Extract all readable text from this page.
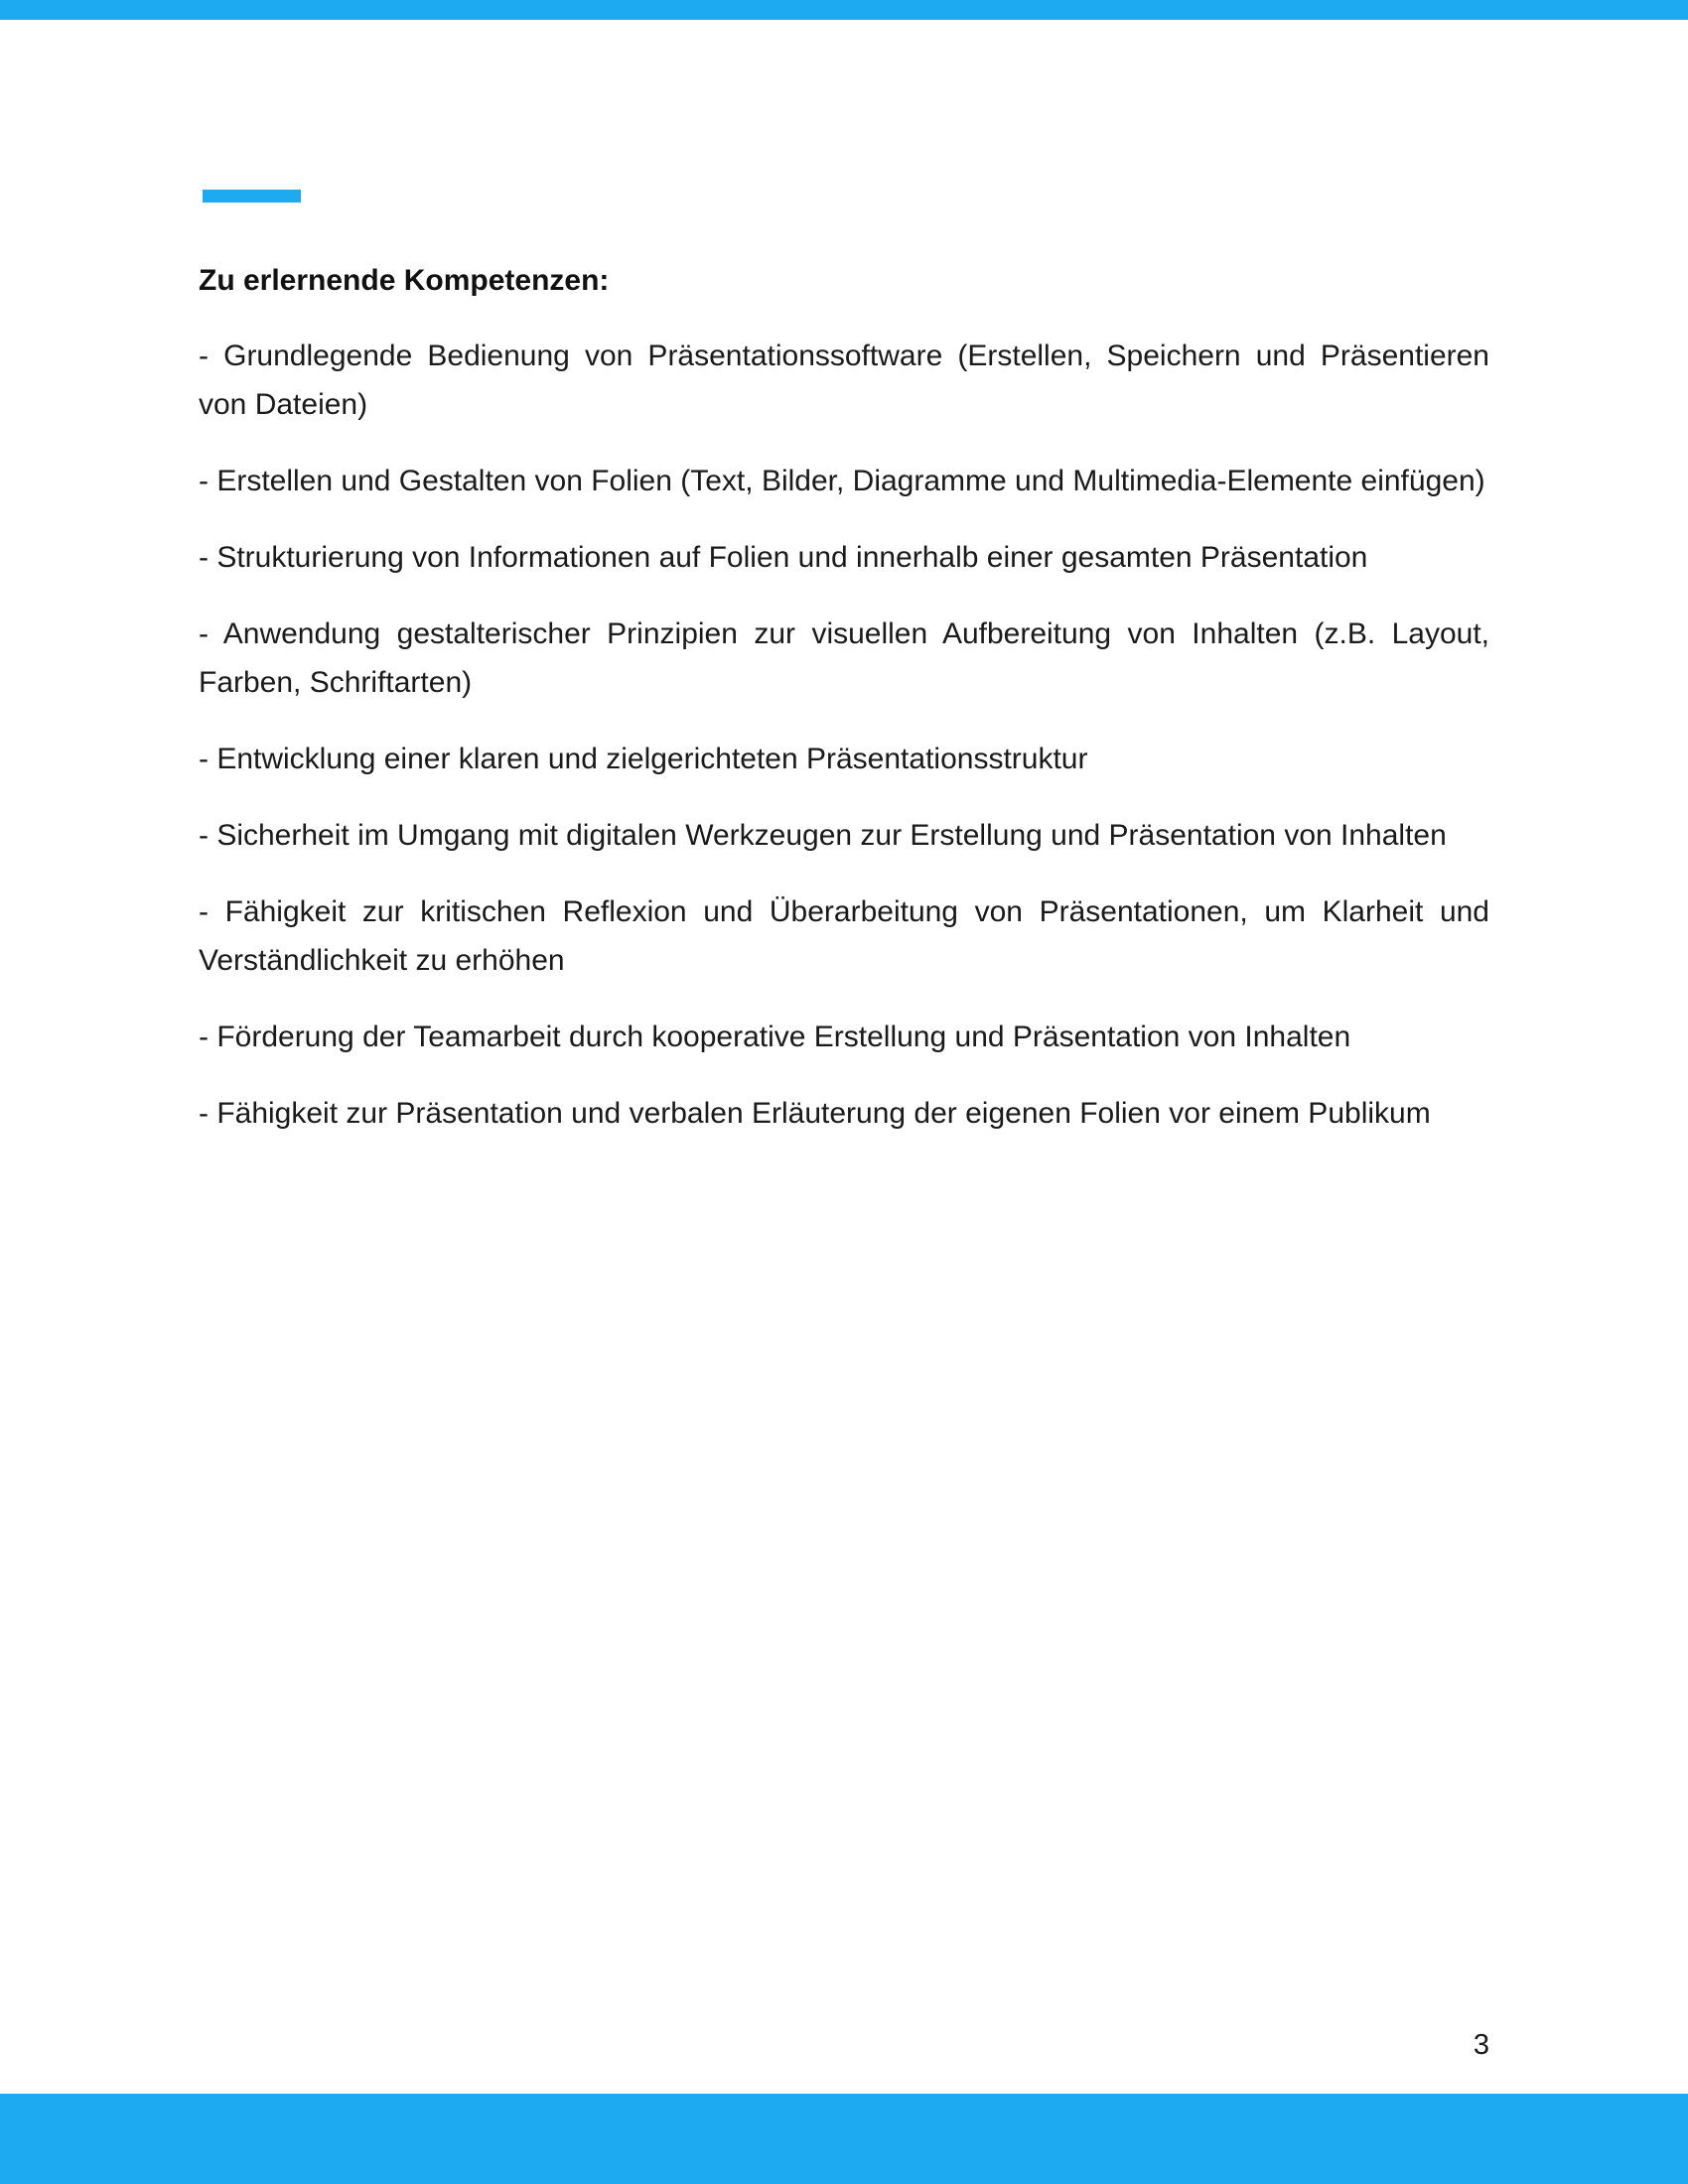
Zu erlernende Kompetenzen:

- Grundlegende Bedienung von Präsentationssoftware (Erstellen, Speichern und Präsentieren von Dateien)

- Erstellen und Gestalten von Folien (Text, Bilder, Diagramme und Multimedia-Elemente einfügen)

- Strukturierung von Informationen auf Folien und innerhalb einer gesamten Präsentation

- Anwendung gestalterischer Prinzipien zur visuellen Aufbereitung von Inhalten (z.B. Layout, Farben, Schriftarten)

- Entwicklung einer klaren und zielgerichteten Präsentationsstruktur

- Sicherheit im Umgang mit digitalen Werkzeugen zur Erstellung und Präsentation von Inhalten

- Fähigkeit zur kritischen Reflexion und Überarbeitung von Präsentationen, um Klarheit und Verständlichkeit zu erhöhen

- Förderung der Teamarbeit durch kooperative Erstellung und Präsentation von Inhalten

- Fähigkeit zur Präsentation und verbalen Erläuterung der eigenen Folien vor einem Publikum

3
